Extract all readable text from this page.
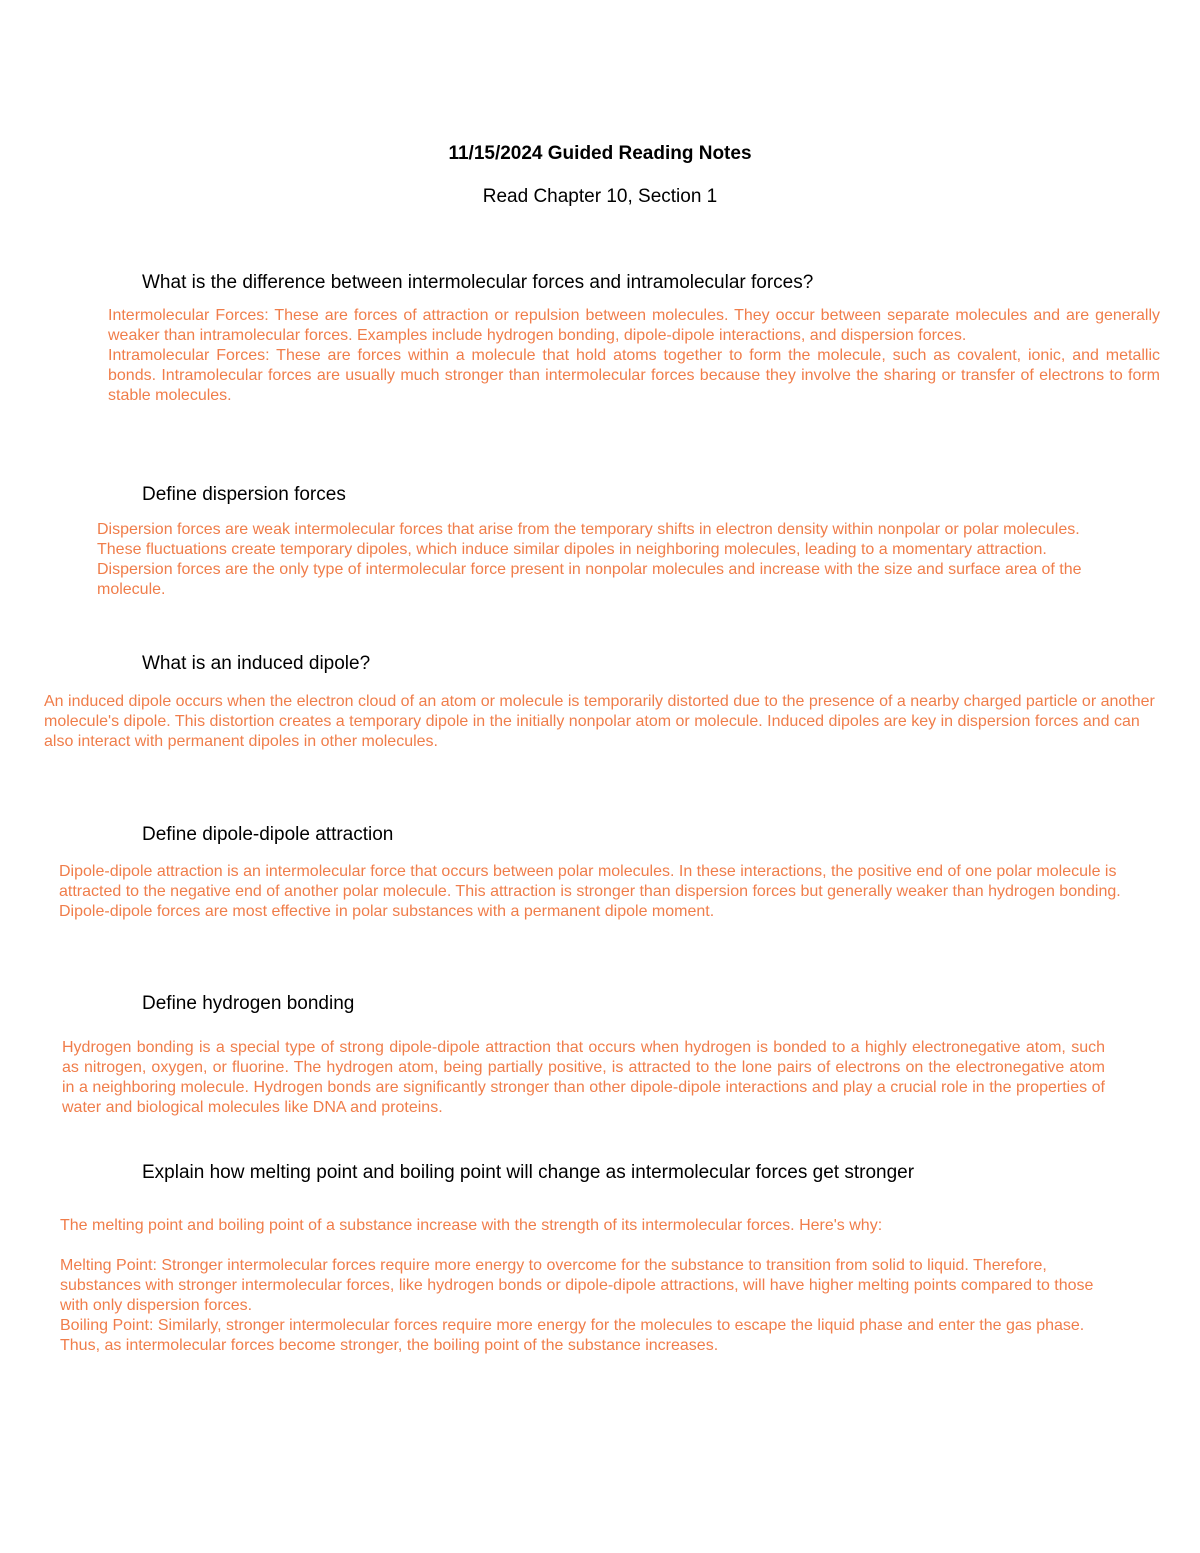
11/15/2024 Guided Reading Notes
Read Chapter 10, Section 1
What is the difference between intermolecular forces and intramolecular forces?

Intermolecular Forces: These are forces of attraction or repulsion between molecules. They occur between separate molecules and are generally weaker than intramolecular forces. Examples include hydrogen bonding, dipole-dipole interactions, and dispersion forces.

Intramolecular Forces: These are forces within a molecule that hold atoms together to form the molecule, such as covalent, ionic, and metallic bonds. Intramolecular forces are usually much stronger than intermolecular forces because they involve the sharing or transfer of electrons to form stable molecules.

Define dispersion forces

Dispersion forces are weak intermolecular forces that arise from the temporary shifts in electron density within nonpolar or polar molecules. These fluctuations create temporary dipoles, which induce similar dipoles in neighboring molecules, leading to a momentary attraction. Dispersion forces are the only type of intermolecular force present in nonpolar molecules and increase with the size and surface area of the molecule.

What is an induced dipole?

An induced dipole occurs when the electron cloud of an atom or molecule is temporarily distorted due to the presence of a nearby charged particle or another molecule's dipole. This distortion creates a temporary dipole in the initially nonpolar atom or molecule. Induced dipoles are key in dispersion forces and can also interact with permanent dipoles in other molecules.

Define dipole-dipole attraction

Dipole-dipole attraction is an intermolecular force that occurs between polar molecules. In these interactions, the positive end of one polar molecule is attracted to the negative end of another polar molecule. This attraction is stronger than dispersion forces but generally weaker than hydrogen bonding. Dipole-dipole forces are most effective in polar substances with a permanent dipole moment.

Define hydrogen bonding

Hydrogen bonding is a special type of strong dipole-dipole attraction that occurs when hydrogen is bonded to a highly electronegative atom, such as nitrogen, oxygen, or fluorine. The hydrogen atom, being partially positive, is attracted to the lone pairs of electrons on the electronegative atom in a neighboring molecule. Hydrogen bonds are significantly stronger than other dipole-dipole interactions and play a crucial role in the properties of water and biological molecules like DNA and proteins.

Explain how melting point and boiling point will change as intermolecular forces get stronger

The melting point and boiling point of a substance increase with the strength of its intermolecular forces. Here's why:

Melting Point: Stronger intermolecular forces require more energy to overcome for the substance to transition from solid to liquid. Therefore, substances with stronger intermolecular forces, like hydrogen bonds or dipole-dipole attractions, will have higher melting points compared to those with only dispersion forces.

Boiling Point: Similarly, stronger intermolecular forces require more energy for the molecules to escape the liquid phase and enter the gas phase. Thus, as intermolecular forces become stronger, the boiling point of the substance increases.
